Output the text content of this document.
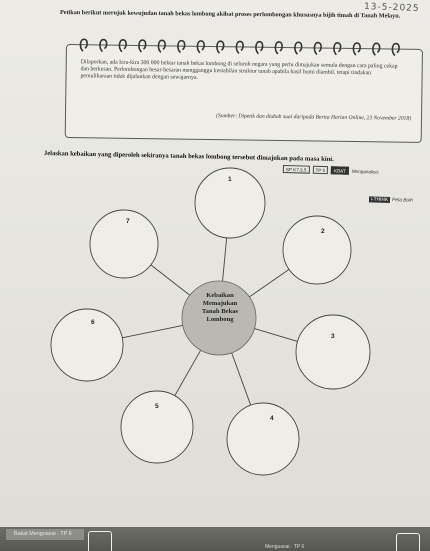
13-5-2025
Petikan berikut merujuk kewujudan tanah bekas lombong akibat proses perlombongan khususnya bijih timah di Tanah Melayu.
Dilaporkan, ada kira-kira 300 000 hektar tanah bekas lombong di seluruh negara yang perlu dimajukan semula dengan cara paling cekap dan berkesan. Perlombongan besar-besaran mengganggu kestabilan struktur tanah apabila hasil bumi diambil, tetapi tindakan pemuliharaan tidak dijalankan dengan sewajarnya.
(Sumber: Dipetik dan diubah suai daripada Berita Harian Online, 23 November 2018)
Jelaskan kebaikan yang diperoleh sekiranya tanah bekas lombong tersebut dimajukan pada masa kini.
SP K7.3.5	TP 5	KBAT	Menganalisis
i-THINK Peta Buih
Kebaikan
Memajukan
Tanah Bekas
Lombong
1
2
3
4
5
6
7
Bakat Menguasai · TP 6
Menguasai · TP 6
